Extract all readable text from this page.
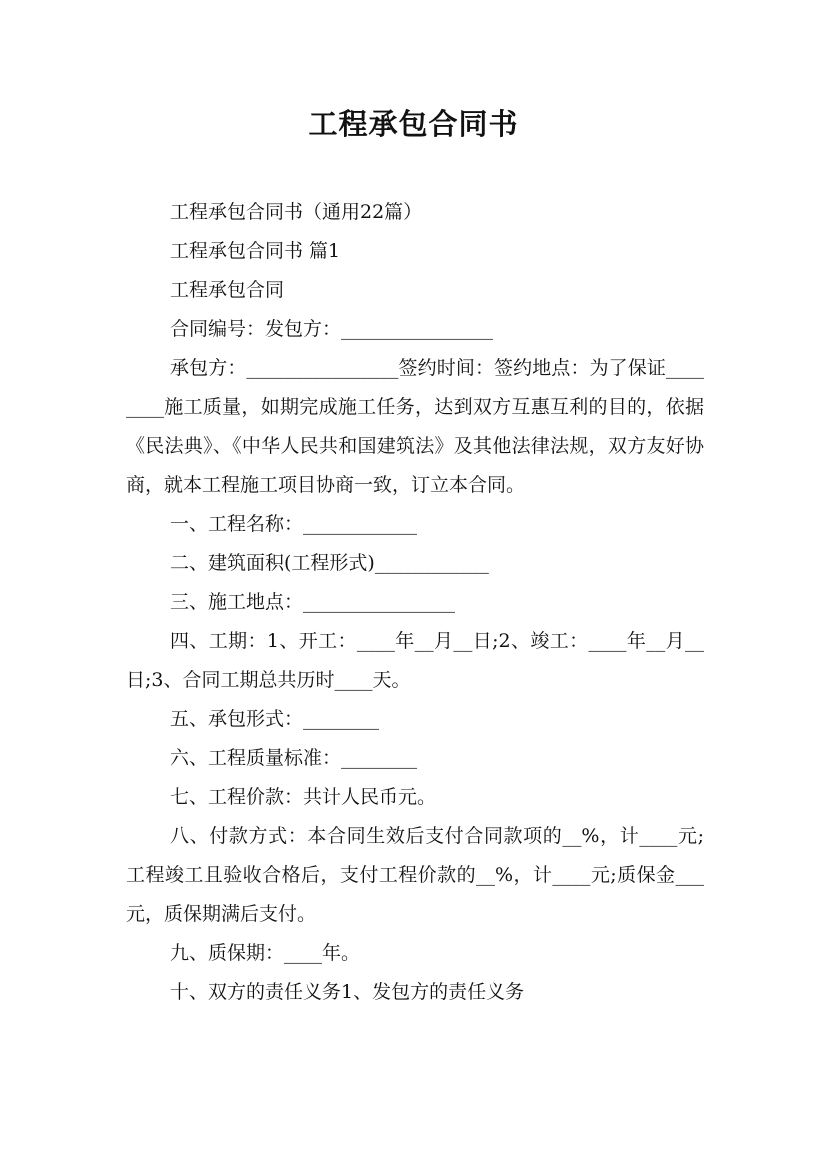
工程承包合同书

工程承包合同书（通用22篇）

工程承包合同书 篇1

工程承包合同

合同编号：发包方：________________

承包方：________________签约时间：签约地点：为了保证________施工质量，如期完成施工任务，达到双方互惠互利的目的，依据《民法典》、《中华人民共和国建筑法》及其他法律法规，双方友好协商，就本工程施工项目协商一致，订立本合同。

一、工程名称：____________

二、建筑面积(工程形式)____________

三、施工地点：________________

四、工期：1、开工：____年__月__日;2、竣工：____年__月__日;3、合同工期总共历时____天。

五、承包形式：________

六、工程质量标准：________

七、工程价款：共计人民币元。

八、付款方式：本合同生效后支付合同款项的__%，计____元;工程竣工且验收合格后，支付工程价款的__%，计____元;质保金___元，质保期满后支付。

九、质保期：____年。

十、双方的责任义务1、发包方的责任义务
